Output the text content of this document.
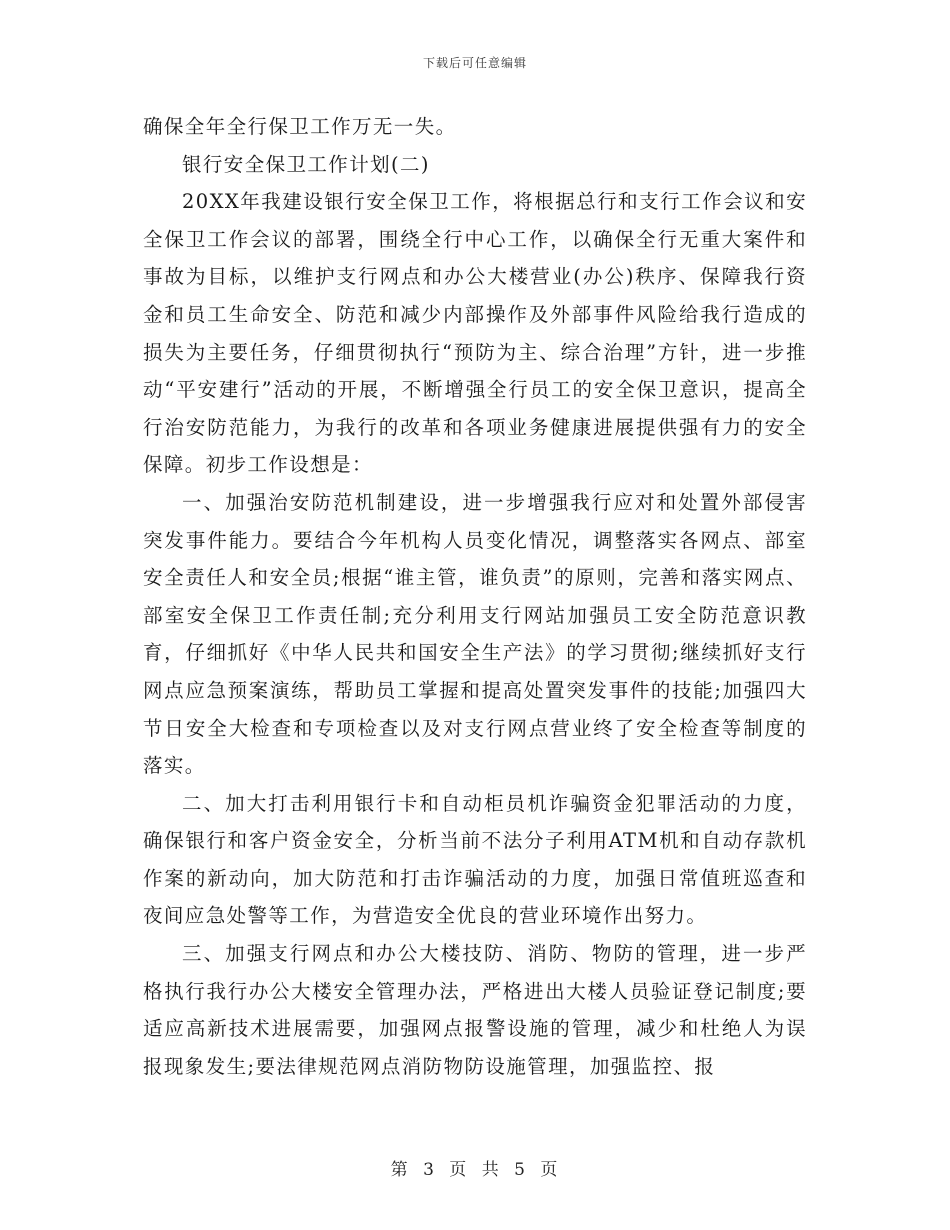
下载后可任意编辑

确保全年全行保卫工作万无一失。

银行安全保卫工作计划(二)

20XX年我建设银行安全保卫工作，将根据总行和支行工作会议和安全保卫工作会议的部署，围绕全行中心工作，以确保全行无重大案件和事故为目标，以维护支行网点和办公大楼营业(办公)秩序、保障我行资金和员工生命安全、防范和减少内部操作及外部事件风险给我行造成的损失为主要任务，仔细贯彻执行“预防为主、综合治理”方针，进一步推动“平安建行”活动的开展，不断增强全行员工的安全保卫意识，提高全行治安防范能力，为我行的改革和各项业务健康进展提供强有力的安全保障。初步工作设想是：

一、加强治安防范机制建设，进一步增强我行应对和处置外部侵害突发事件能力。要结合今年机构人员变化情况，调整落实各网点、部室安全责任人和安全员;根据“谁主管，谁负责”的原则，完善和落实网点、部室安全保卫工作责任制;充分利用支行网站加强员工安全防范意识教育，仔细抓好《中华人民共和国安全生产法》的学习贯彻;继续抓好支行网点应急预案演练，帮助员工掌握和提高处置突发事件的技能;加强四大节日安全大检查和专项检查以及对支行网点营业终了安全检查等制度的落实。

二、加大打击利用银行卡和自动柜员机诈骗资金犯罪活动的力度，确保银行和客户资金安全，分析当前不法分子利用ATM机和自动存款机作案的新动向，加大防范和打击诈骗活动的力度，加强日常值班巡查和夜间应急处警等工作，为营造安全优良的营业环境作出努力。

三、加强支行网点和办公大楼技防、消防、物防的管理，进一步严格执行我行办公大楼安全管理办法，严格进出大楼人员验证登记制度;要适应高新技术进展需要，加强网点报警设施的管理，减少和杜绝人为误报现象发生;要法律规范网点消防物防设施管理，加强监控、报

第 3 页 共 5 页
